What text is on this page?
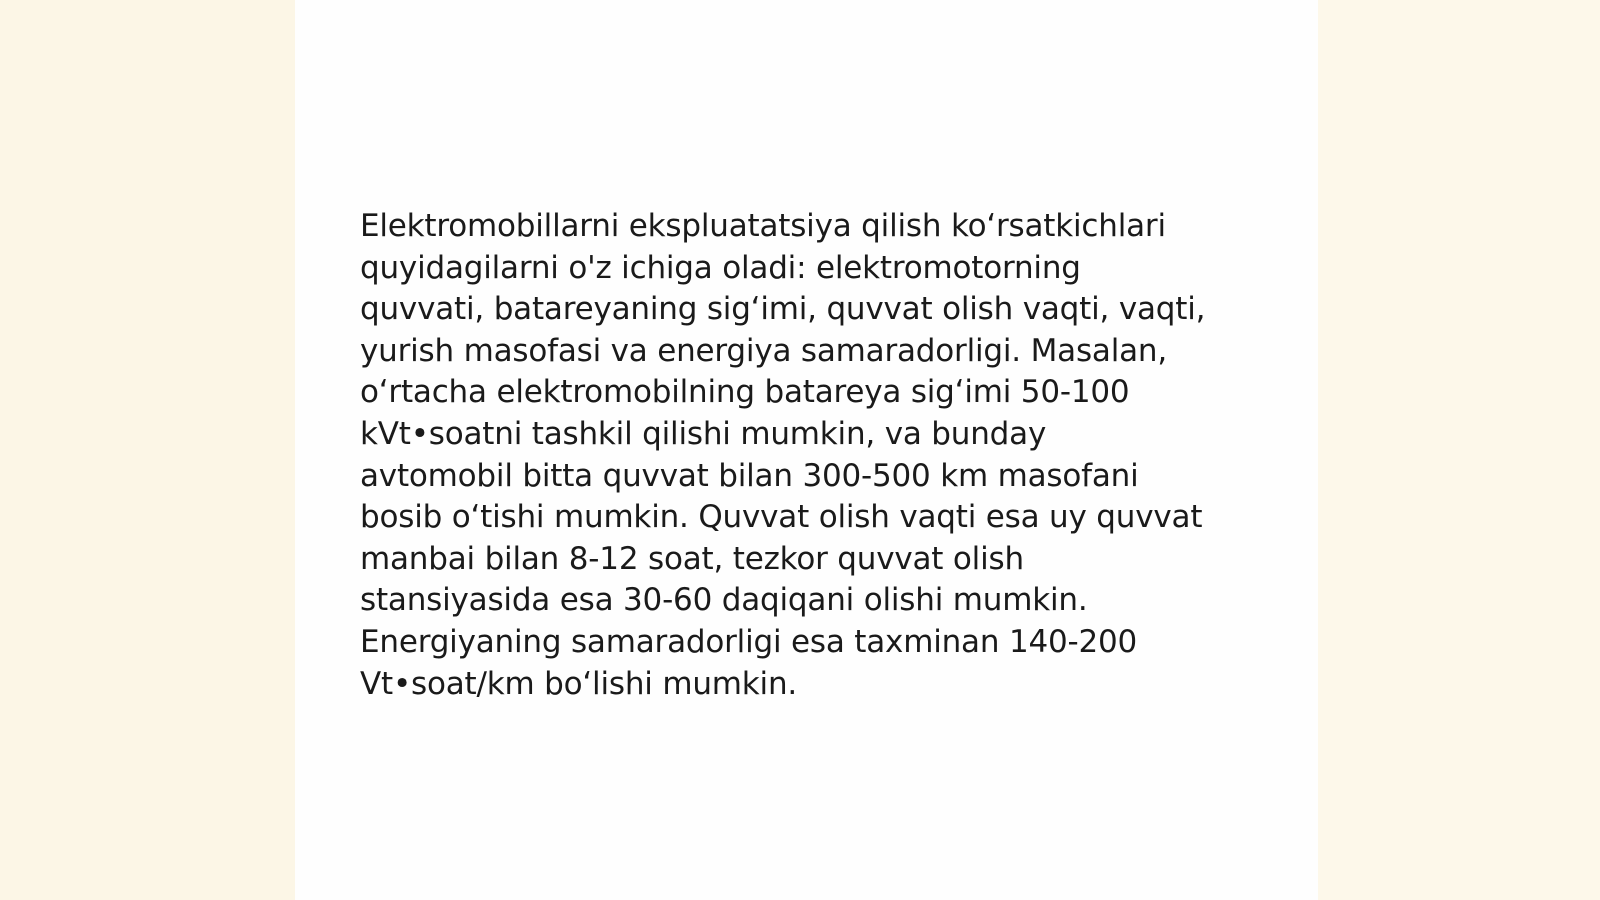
Elektromobillarni ekspluatatsiya qilish koʻrsatkichlari
quyidagilarni o'z ichiga oladi: elektromotorning
quvvati, batareyaning sigʻimi, quvvat olish vaqti, vaqti,
yurish masofasi va energiya samaradorligi. Masalan,
oʻrtacha elektromobilning batareya sigʻimi 50-100
kVt•soatni tashkil qilishi mumkin, va bunday
avtomobil bitta quvvat bilan 300-500 km masofani
bosib oʻtishi mumkin. Quvvat olish vaqti esa uy quvvat
manbai bilan 8-12 soat, tezkor quvvat olish
stansiyasida esa 30-60 daqiqani olishi mumkin.
Energiyaning samaradorligi esa taxminan 140-200
Vt•soat/km boʻlishi mumkin.
